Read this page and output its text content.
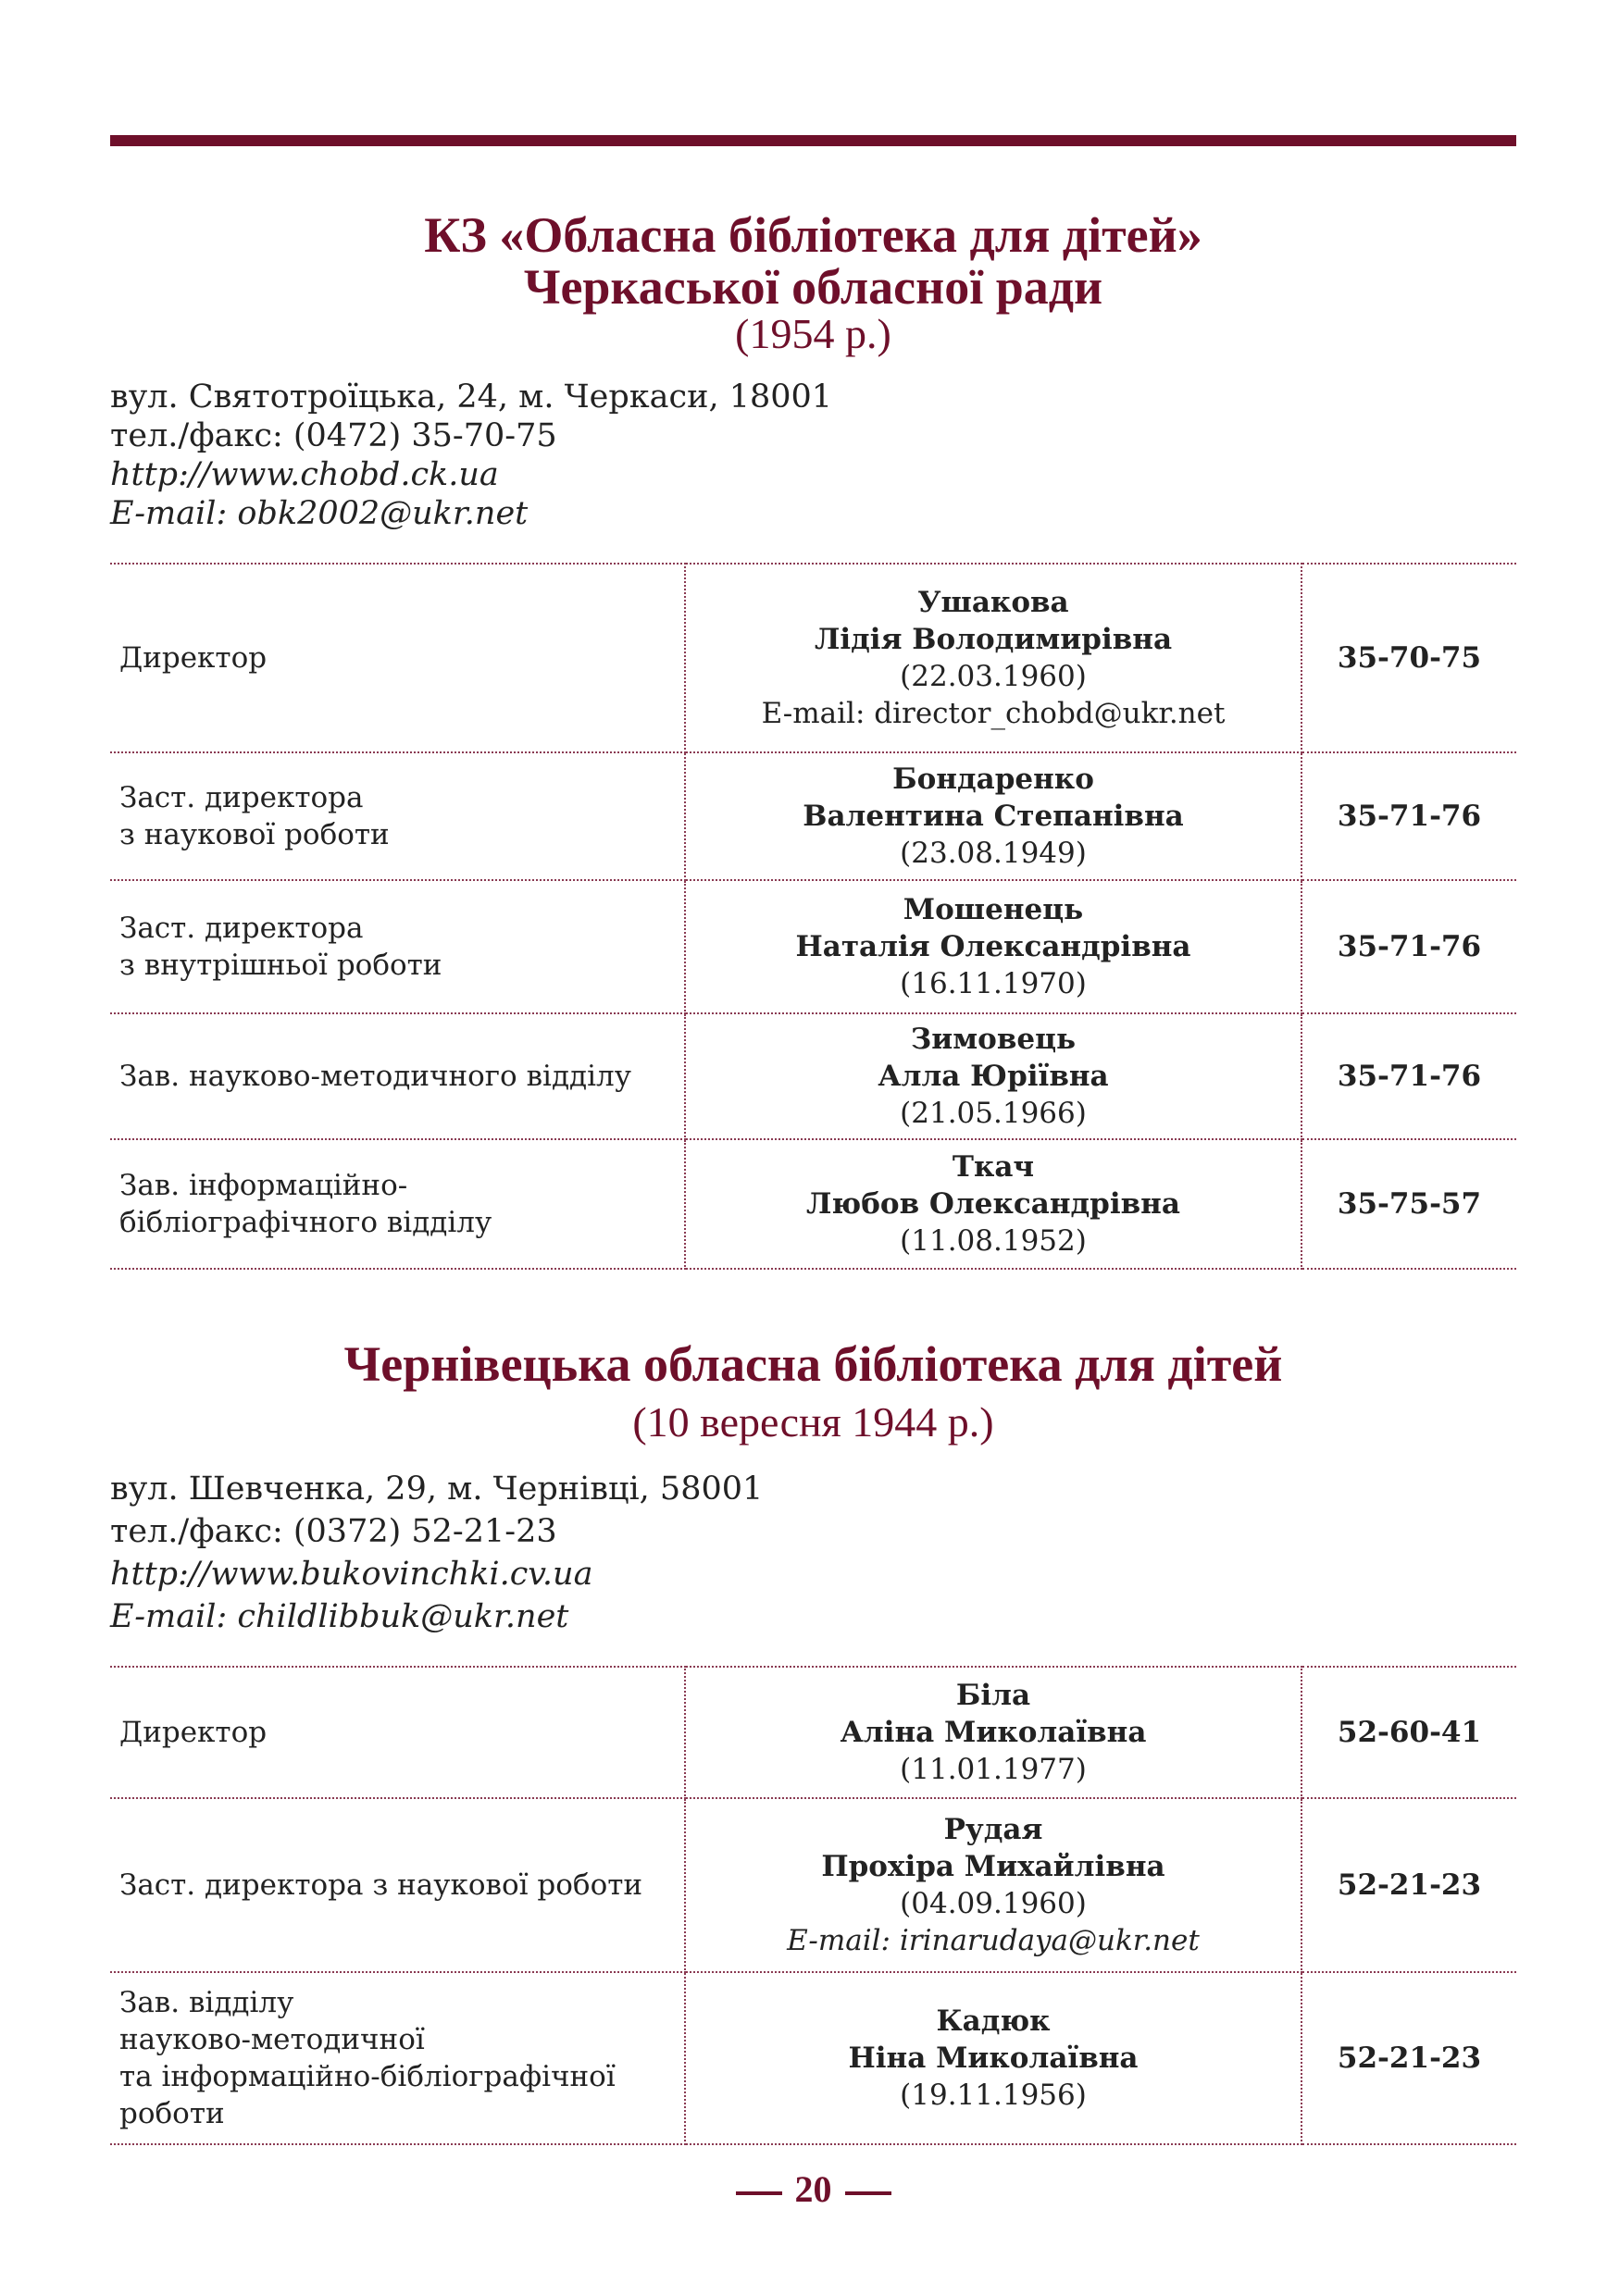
КЗ «Обласна бібліотека для дітей»
Черкаської обласної ради
(1954 р.)
вул. Святотроїцька, 24, м. Черкаси, 18001
тел./факс: (0472) 35-70-75
http://www.chobd.ck.ua
E-mail: obk2002@ukr.net
Директор	Ушакова
Лідія Володимирівна
(22.03.1960)
E-mail: director_chobd@ukr.net	35-70-75

Заст. директора
з наукової роботи	Бондаренко
Валентина Степанівна
(23.08.1949)	35-71-76

Заст. директора
з внутрішньої роботи	Мошенець
Наталія Олександрівна
(16.11.1970)	35-71-76

Зав. науково-методичного відділу	Зимовець
Алла Юріївна
(21.05.1966)	35-71-76

Зав. інформаційно-
бібліографічного відділу	Ткач
Любов Олександрівна
(11.08.1952)	35-75-57
Чернівецька обласна бібліотека для дітей
(10 вересня 1944 р.)
вул. Шевченка, 29, м. Чернівці, 58001
тел./факс: (0372) 52-21-23
http://www.bukovinchki.cv.ua
E-mail: childlibbuk@ukr.net
Директор	Біла
Аліна Миколаївна
(11.01.1977)	52-60-41

Заст. директора з наукової роботи	Рудая
Прохіра Михайлівна
(04.09.1960)
E-mail: irinarudaya@ukr.net	52-21-23

Зав. відділу
науково-методичної
та інформаційно-бібліографічної
роботи	Кадюк
Ніна Миколаївна
(19.11.1956)	52-21-23
20
